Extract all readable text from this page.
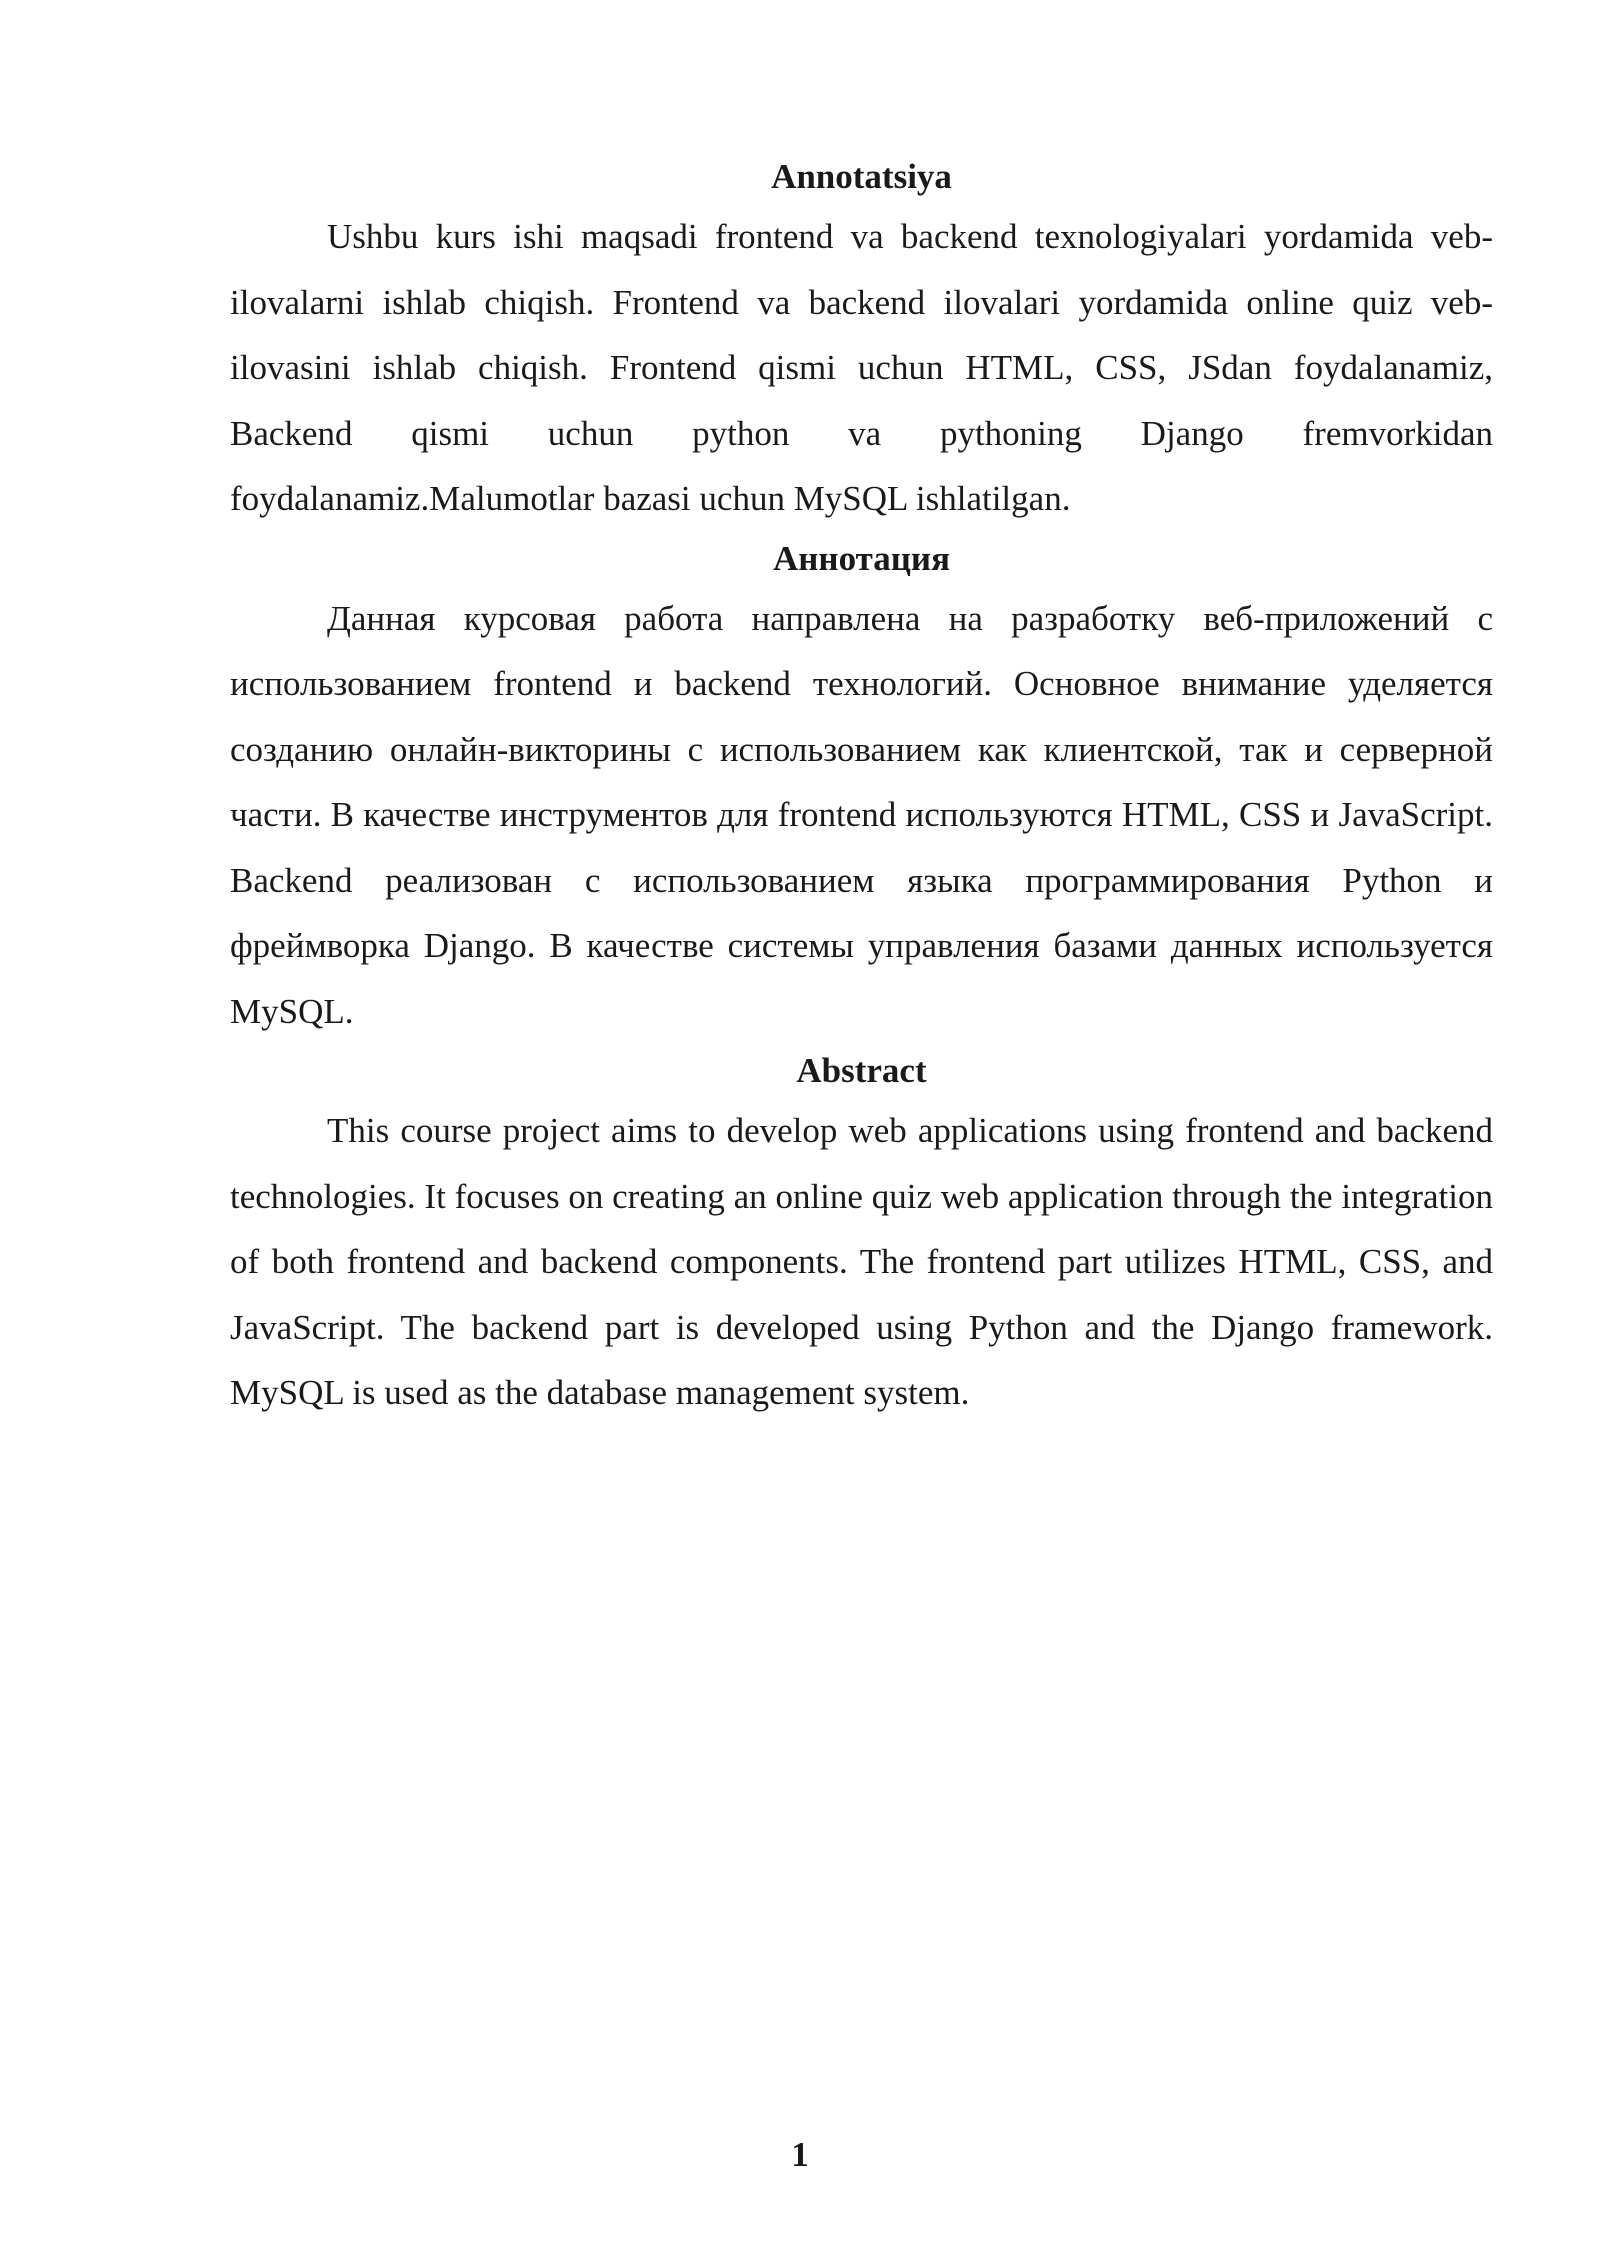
Annotatsiya

Ushbu kurs ishi maqsadi frontend va backend texnologiyalari yordamida veb-ilovalarni ishlab chiqish. Frontend va backend ilovalari yordamida online quiz veb-ilovasini ishlab chiqish. Frontend qismi uchun HTML, CSS, JSdan foydalanamiz, Backend qismi uchun python va pythoning Django fremvorkidan foydalanamiz.Malumotlar bazasi uchun MySQL ishlatilgan.

Аннотация

Данная курсовая работа направлена на разработку веб-приложений с использованием frontend и backend технологий. Основное внимание уделяется созданию онлайн-викторины с использованием как клиентской, так и серверной части. В качестве инструментов для frontend используются HTML, CSS и JavaScript. Backend реализован с использованием языка программирования Python и фреймворка Django. В качестве системы управления базами данных используется MySQL.

Abstract

This course project aims to develop web applications using frontend and backend technologies. It focuses on creating an online quiz web application through the integration of both frontend and backend components. The frontend part utilizes HTML, CSS, and JavaScript. The backend part is developed using Python and the Django framework. MySQL is used as the database management system.

1
